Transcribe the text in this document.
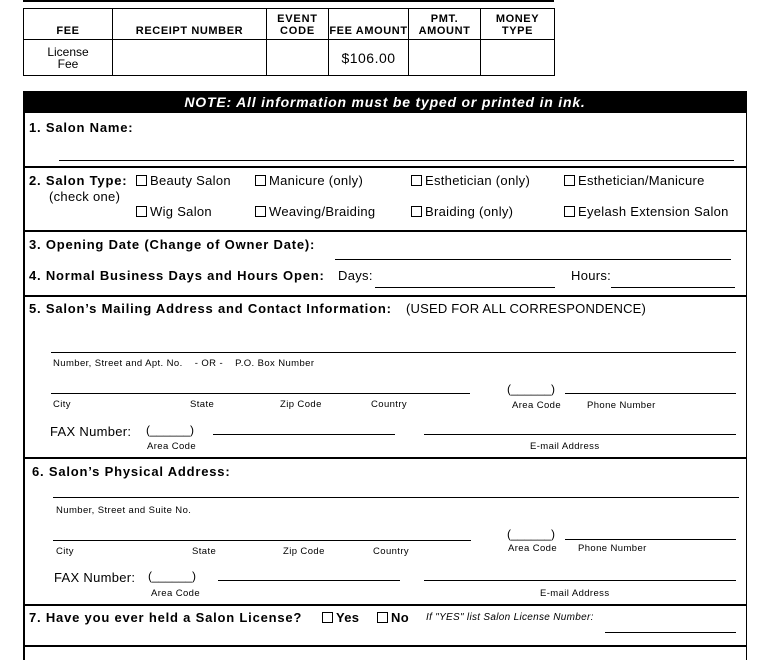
FEE	RECEIPT NUMBER	EVENT CODE	FEE AMOUNT	PMT. AMOUNT	MONEY TYPE
License Fee			$106.00		
NOTE: All information must be typed or printed in ink.
1. Salon Name:
2. Salon Type:
(check one)
Beauty Salon	Manicure (only)	Esthetician (only)	Esthetician/Manicure
Wig Salon	Weaving/Braiding	Braiding (only)	Eyelash Extension Salon
3. Opening Date (Change of Owner Date):
4. Normal Business Days and Hours Open: Days:	Hours:
5. Salon’s Mailing Address and Contact Information: (USED FOR ALL CORRESPONDENCE)
Number, Street and Apt. No.    - OR -    P.O. Box Number
City	State	Zip Code	Country
(______)
Area Code	Phone Number
FAX Number: (______)
Area Code	E-mail Address
6. Salon’s Physical Address:
Number, Street and Suite No.
City	State	Zip Code	Country
(______)
Area Code Phone Number
FAX Number: (______)
Area Code	E-mail Address
7. Have you ever held a Salon License?	Yes	No If "YES" list Salon License Number:
